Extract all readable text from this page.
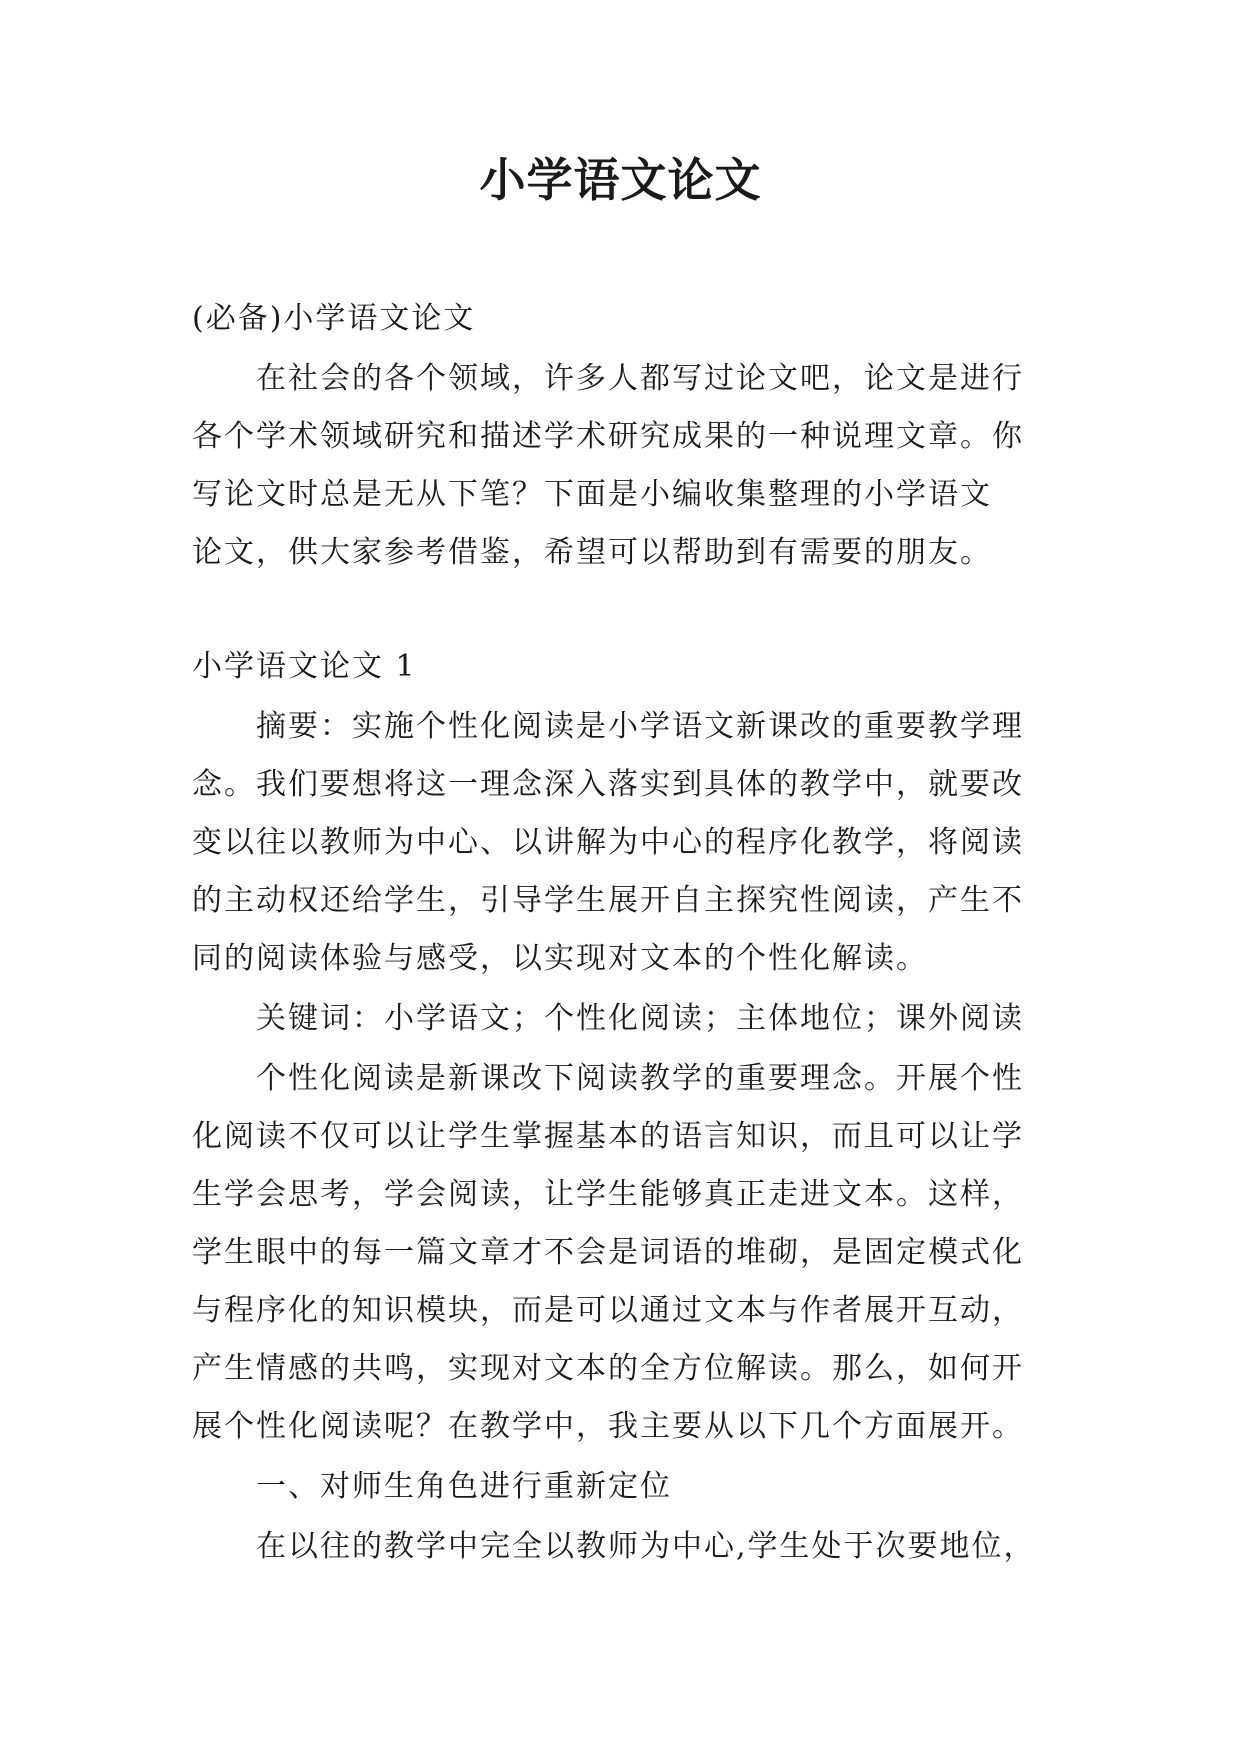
小学语文论文
(必备)小学语文论文
在社会的各个领域，许多人都写过论文吧，论文是进行
各个学术领域研究和描述学术研究成果的一种说理文章。你
写论文时总是无从下笔？下面是小编收集整理的小学语文
论文，供大家参考借鉴，希望可以帮助到有需要的朋友。
小学语文论文 1
摘要：实施个性化阅读是小学语文新课改的重要教学理
念。我们要想将这一理念深入落实到具体的教学中，就要改
变以往以教师为中心、以讲解为中心的程序化教学，将阅读
的主动权还给学生，引导学生展开自主探究性阅读，产生不
同的阅读体验与感受，以实现对文本的个性化解读。
关键词：小学语文；个性化阅读；主体地位；课外阅读
个性化阅读是新课改下阅读教学的重要理念。开展个性
化阅读不仅可以让学生掌握基本的语言知识，而且可以让学
生学会思考，学会阅读，让学生能够真正走进文本。这样，
学生眼中的每一篇文章才不会是词语的堆砌，是固定模式化
与程序化的知识模块，而是可以通过文本与作者展开互动，
产生情感的共鸣，实现对文本的全方位解读。那么，如何开
展个性化阅读呢？在教学中，我主要从以下几个方面展开。
一、对师生角色进行重新定位
在以往的教学中完全以教师为中心,学生处于次要地位，
